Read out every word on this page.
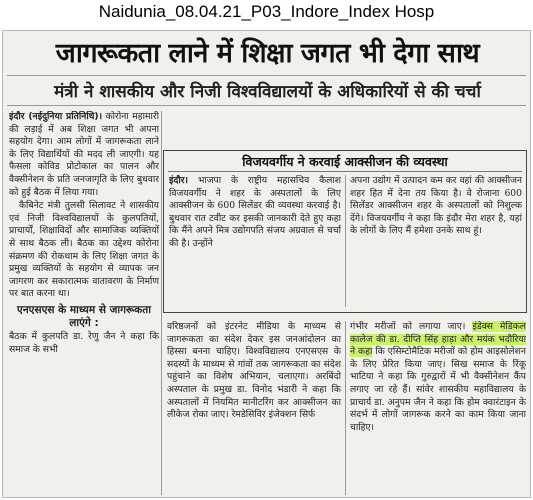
Naidunia_08.04.21_P03_Indore_Index Hosp
जागरूकता लाने में शिक्षा जगत भी देगा साथ
मंत्री ने शासकीय और निजी विश्वविद्यालयों के अधिकारियों से की चर्चा

इंदौर (नईदुनिया प्रतिनिधि)। कोरोना महामारी की लड़ाई में अब शिक्षा जगत भी अपना सहयोग देगा। आम लोगों में जागरूकता लाने के लिए विद्यार्थियों की मदद ली जाएगी। यह फैसला कोविड प्रोटोकाल का पालन और वैक्सीनेशन के प्रति जनजागृति के लिए बुधवार को हुई बैठक में लिया गया।

कैबिनेट मंत्री तुलसी सिलावट ने शासकीय एवं निजी विश्वविद्यालयों के कुलपतियों, प्राचार्यों, शिक्षाविदों और सामाजिक व्यक्तियों से साथ बैठक ली। बैठक का उद्देश्य कोरोना संक्रमण की रोकथाम के लिए शिक्षा जगत के प्रमुख व्यक्तियों के सहयोग से व्यापक जन जागरण कर सकारात्मक वातावरण के निर्माण पर बात करना था।

एनएसएस के माध्यम से जागरूकता लाएंगे :

बैठक में कुलपति डा. रेणु जैन ने कहा कि समाज के सभी

विजयवर्गीय ने करवाई आक्सीजन की व्यवस्था

इंदौर। भाजपा के राष्ट्रीय महासचिव कैलाश विजयवर्गीय ने शहर के अस्पतालों के लिए आक्सीजन के 600 सिलेंडर की व्यवस्था करवाई है। बुधवार रात टवीट कर इसकी जानकारी देते हुए कहा कि मैंने अपने मित्र उद्योगपति संजय अग्रवाल से चर्चा की है। उन्होंने

अपना उद्योग में उत्पादन कम कर वहां की आक्सीजन शहर हित में देना तय किया है। वे रोजाना 600 सिलेंडर आक्सीजन शहर के अस्पतालों को निशुल्क देंगे। विजयवर्गीय ने कहा कि इंदौर मेरा शहर है, यहां के लोगों के लिए मैं हमेशा उनके साथ हूं।

वरिष्ठजनों को इंटरनेट मीडिया के माध्यम से जागरूकता का संदेश देकर इस जनआंदोलन का हिस्सा बनना चाहिए। विश्वविद्यालय एनएसएस के सदस्यों के माध्यम से गांवों तक जागरूकता का संदेश पहुंचाने का विशेष अभियान, चलाएगा। अरबिंदो अस्पताल के प्रमुख डा. विनोद भंडारी ने कहा कि अस्पतालों में नियमित मानीटरिंग कर आक्सीजन का लीकेज रोका जाए। रेमडेसिविर इंजेक्शन सिर्फ

गंभीर मरीजों को लगाया जाए। इंडेक्स मेडिकल कालेज की डा. दीप्ति सिंह हाड़ा और मयंक भदौरिया ने कहा कि एसिम्टोमैटिक मरीजों को होम आइसोलेशन के लिए प्रेरित किया जाए। सिख समाज के रिंकू भाटिया ने कहा कि गुरुद्वारों में भी वैक्सीनेशन कैंप लगाए जा रहे हैं। सांवेर शासकीय महाविद्यालय के प्राचार्य डा. अनुपम जैन ने कहा कि होम क्वारंटाइन के संदर्भ में लोगों जागरूक करने का काम किया जाना चाहिए।
